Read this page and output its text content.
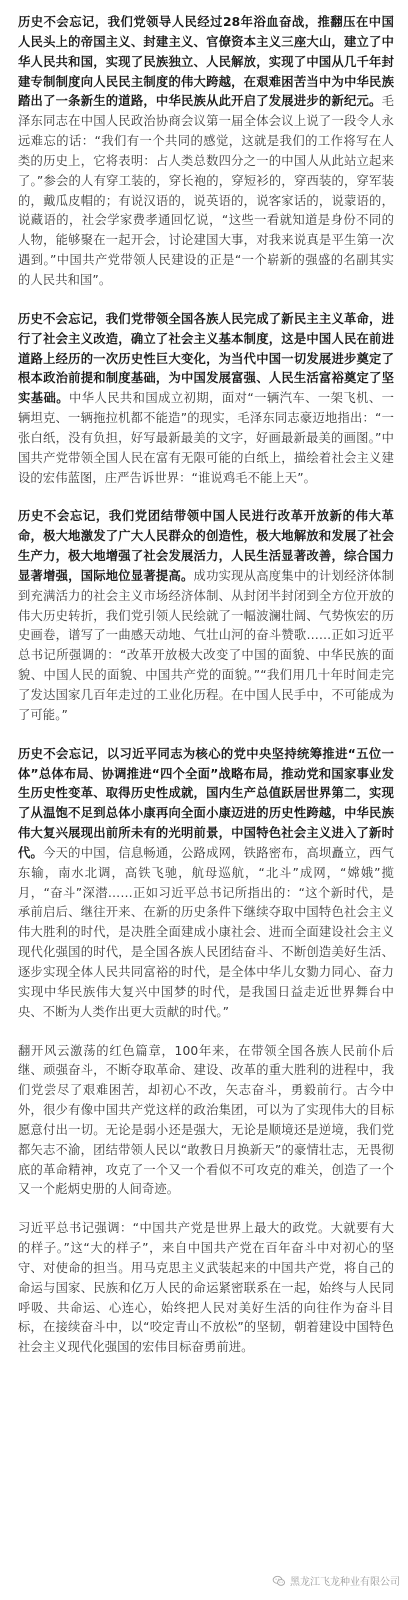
历史不会忘记，我们党领导人民经过28年浴血奋战，推翻压在中国人民头上的帝国主义、封建主义、官僚资本主义三座大山，建立了中华人民共和国，实现了民族独立、人民解放，实现了中国从几千年封建专制制度向人民民主制度的伟大跨越，在艰难困苦当中为中华民族踏出了一条新生的道路，中华民族从此开启了发展进步的新纪元。毛泽东同志在中国人民政治协商会议第一届全体会议上说了一段令人永远难忘的话：“我们有一个共同的感觉，这就是我们的工作将写在人类的历史上，它将表明：占人类总数四分之一的中国人从此站立起来了。”参会的人有穿工装的，穿长袍的，穿短衫的，穿西装的，穿军装的，戴瓜皮帽的；有说汉语的，说英语的，说客家话的，说蒙语的，说藏语的，社会学家费孝通回忆说，“这些一看就知道是身份不同的人物，能够聚在一起开会，讨论建国大事，对我来说真是平生第一次遇到。”中国共产党带领人民建设的正是“一个崭新的强盛的名副其实的人民共和国”。

历史不会忘记，我们党带领全国各族人民完成了新民主主义革命，进行了社会主义改造，确立了社会主义基本制度，这是中国人民在前进道路上经历的一次历史性巨大变化，为当代中国一切发展进步奠定了根本政治前提和制度基础，为中国发展富强、人民生活富裕奠定了坚实基础。中华人民共和国成立初期，面对“一辆汽车、一架飞机、一辆坦克、一辆拖拉机都不能造”的现实，毛泽东同志豪迈地指出：“一张白纸，没有负担，好写最新最美的文字，好画最新最美的画图。”中国共产党带领全国人民在富有无限可能的白纸上，描绘着社会主义建设的宏伟蓝图，庄严告诉世界：“谁说鸡毛不能上天”。

历史不会忘记，我们党团结带领中国人民进行改革开放新的伟大革命，极大地激发了广大人民群众的创造性，极大地解放和发展了社会生产力，极大地增强了社会发展活力，人民生活显著改善，综合国力显著增强，国际地位显著提高。成功实现从高度集中的计划经济体制到充满活力的社会主义市场经济体制、从封闭半封闭到全方位开放的伟大历史转折，我们党引领人民绘就了一幅波澜壮阔、气势恢宏的历史画卷，谱写了一曲感天动地、气壮山河的奋斗赞歌……正如习近平总书记所强调的：“改革开放极大改变了中国的面貌、中华民族的面貌、中国人民的面貌、中国共产党的面貌。”“我们用几十年时间走完了发达国家几百年走过的工业化历程。在中国人民手中，不可能成为了可能。”

历史不会忘记，以习近平同志为核心的党中央坚持统筹推进“五位一体”总体布局、协调推进“四个全面”战略布局，推动党和国家事业发生历史性变革、取得历史性成就，国内生产总值跃居世界第二，实现了从温饱不足到总体小康再向全面小康迈进的历史性跨越，中华民族伟大复兴展现出前所未有的光明前景，中国特色社会主义进入了新时代。今天的中国，信息畅通，公路成网，铁路密布，高坝矗立，西气东输，南水北调，高铁飞驰，航母巡航，“北斗”成网，“嫦娥”揽月，“奋斗”深潜……正如习近平总书记所指出的：“这个新时代，是承前启后、继往开来、在新的历史条件下继续夺取中国特色社会主义伟大胜利的时代，是决胜全面建成小康社会、进而全面建设社会主义现代化强国的时代，是全国各族人民团结奋斗、不断创造美好生活、逐步实现全体人民共同富裕的时代，是全体中华儿女勠力同心、奋力实现中华民族伟大复兴中国梦的时代，是我国日益走近世界舞台中央、不断为人类作出更大贡献的时代。”

翻开风云激荡的红色篇章，100年来，在带领全国各族人民前仆后继、顽强奋斗，不断夺取革命、建设、改革的重大胜利的进程中，我们党尝尽了艰难困苦，却初心不改，矢志奋斗，勇毅前行。古今中外，很少有像中国共产党这样的政治集团，可以为了实现伟大的目标愿意付出一切。无论是弱小还是强大，无论是顺境还是逆境，我们党都矢志不渝，团结带领人民以“敢教日月换新天”的豪情壮志，无畏彻底的革命精神，攻克了一个又一个看似不可攻克的难关，创造了一个又一个彪炳史册的人间奇迹。

习近平总书记强调：“中国共产党是世界上最大的政党。大就要有大的样子。”这“大的样子”，来自中国共产党在百年奋斗中对初心的坚守、对使命的担当。用马克思主义武装起来的中国共产党，将自己的命运与国家、民族和亿万人民的命运紧密联系在一起，始终与人民同呼吸、共命运、心连心，始终把人民对美好生活的向往作为奋斗目标，在接续奋斗中，以“咬定青山不放松”的坚韧，朝着建设中国特色社会主义现代化强国的宏伟目标奋勇前进。

黑龙江飞龙种业有限公司
